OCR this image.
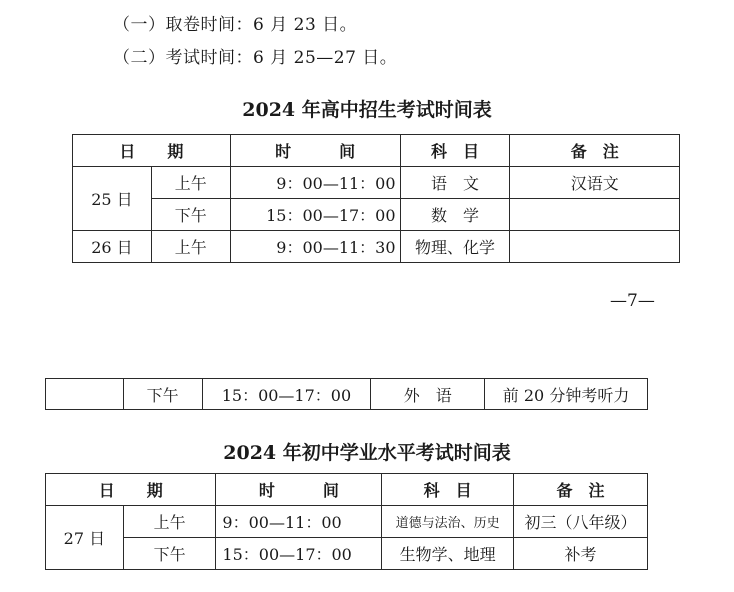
（一）取卷时间：6 月 23 日。
（二）考试时间：6 月 25—27 日。
2024 年高中招生考试时间表
日　　期		时　　　间	科　目	备　注
25 日	上午	9：00—11：00	语　文	汉语文
	下午	15：00—17：00	数　学	
26 日	上午	9：00—11：30	物理、化学	
—7—
	下午	15：00—17：00	外　语	前 20 分钟考听力
2024 年初中学业水平考试时间表
日　　期		时　　　间	科　目	备　注
27 日	上午	9：00—11：00	道德与法治、历史	初三（八年级）
	下午	15：00—17：00	生物学、地理	补考
